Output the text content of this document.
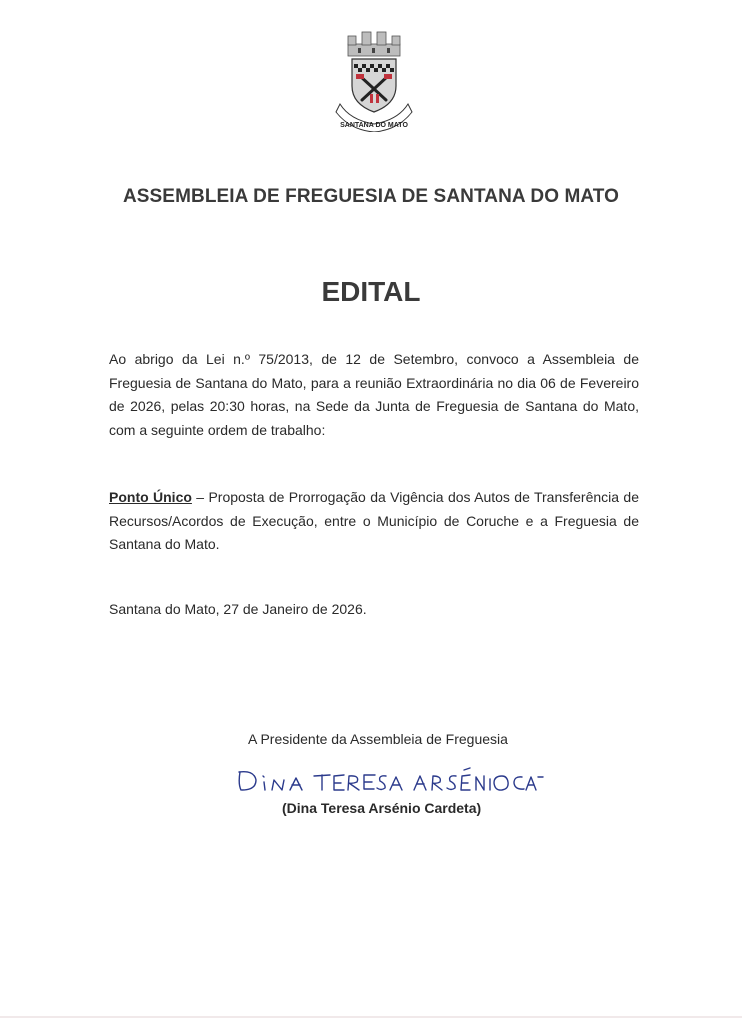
SANTANA DO MATO
ASSEMBLEIA DE FREGUESIA DE SANTANA DO MATO
EDITAL

Ao abrigo da Lei n.º 75/2013, de 12 de Setembro, convoco a Assembleia de Freguesia de Santana do Mato, para a reunião Extraordinária no dia 06 de Fevereiro de 2026, pelas 20:30 horas, na Sede da Junta de Freguesia de Santana do Mato, com a seguinte ordem de trabalho:

Ponto Único – Proposta de Prorrogação da Vigência dos Autos de Transferência de Recursos/Acordos de Execução, entre o Município de Coruche e a Freguesia de Santana do Mato.

Santana do Mato, 27 de Janeiro de 2026.

A Presidente da Assembleia de Freguesia
(Dina Teresa Arsénio Cardeta)
